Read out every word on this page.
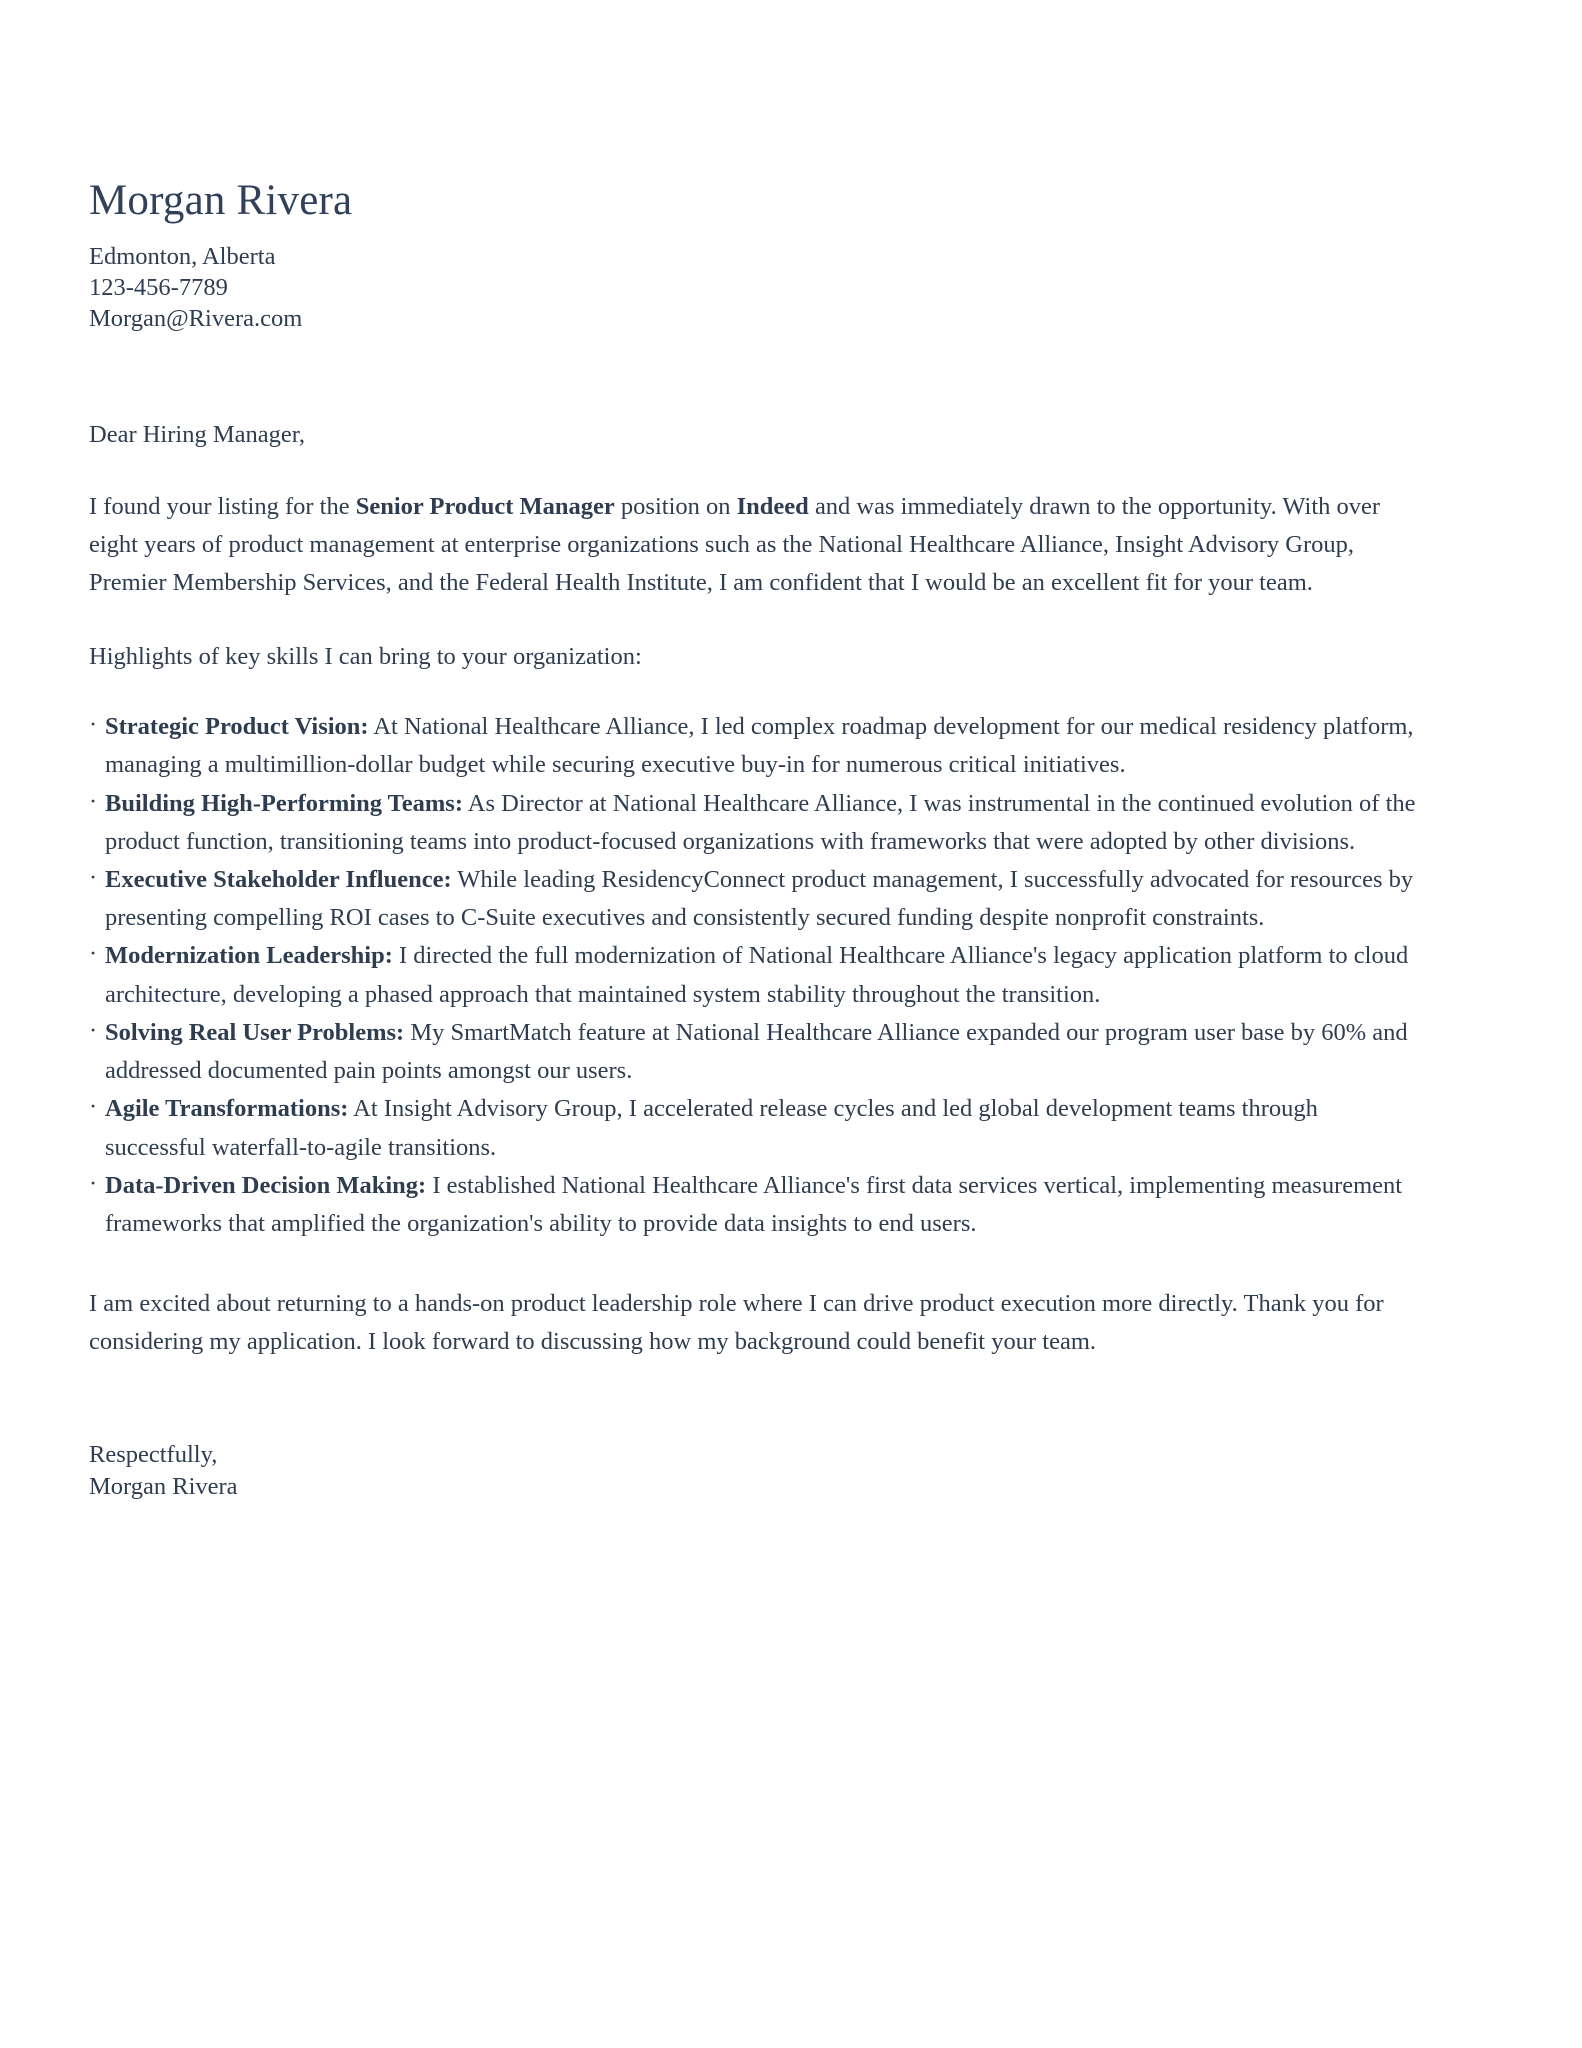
Morgan Rivera

Edmonton, Alberta

123-456-7789

Morgan@Rivera.com

Dear Hiring Manager,

I found your listing for the Senior Product Manager position on Indeed and was immediately drawn to the opportunity. With over eight years of product management at enterprise organizations such as the National Healthcare Alliance, Insight Advisory Group, Premier Membership Services, and the Federal Health Institute, I am confident that I would be an excellent fit for your team.

Highlights of key skills I can bring to your organization:

· Strategic Product Vision: At National Healthcare Alliance, I led complex roadmap development for our medical residency platform, managing a multimillion-dollar budget while securing executive buy-in for numerous critical initiatives.
· Building High-Performing Teams: As Director at National Healthcare Alliance, I was instrumental in the continued evolution of the product function, transitioning teams into product-focused organizations with frameworks that were adopted by other divisions.
· Executive Stakeholder Influence: While leading ResidencyConnect product management, I successfully advocated for resources by presenting compelling ROI cases to C-Suite executives and consistently secured funding despite nonprofit constraints.
· Modernization Leadership: I directed the full modernization of National Healthcare Alliance's legacy application platform to cloud architecture, developing a phased approach that maintained system stability throughout the transition.
· Solving Real User Problems: My SmartMatch feature at National Healthcare Alliance expanded our program user base by 60% and addressed documented pain points amongst our users.
· Agile Transformations: At Insight Advisory Group, I accelerated release cycles and led global development teams through successful waterfall-to-agile transitions.
· Data-Driven Decision Making: I established National Healthcare Alliance's first data services vertical, implementing measurement frameworks that amplified the organization's ability to provide data insights to end users.

I am excited about returning to a hands-on product leadership role where I can drive product execution more directly. Thank you for considering my application. I look forward to discussing how my background could benefit your team.

Respectfully,

Morgan Rivera
